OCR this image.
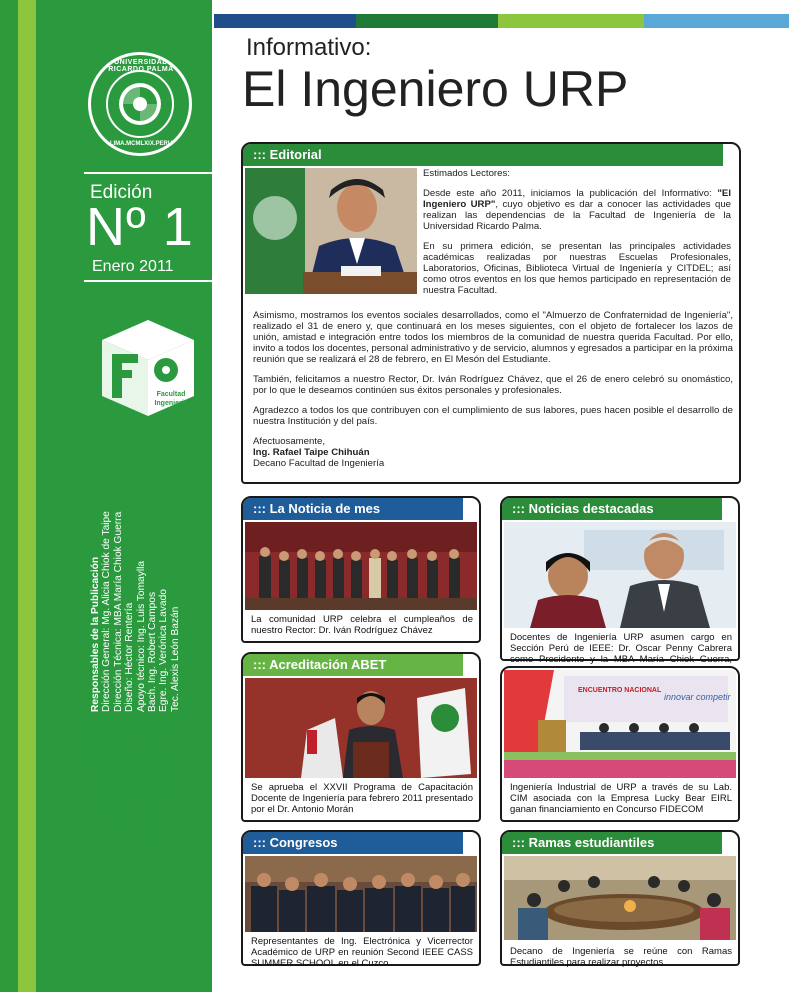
UNIVERSIDAD RICARDO PALMA
LIMA.MCMLXIX.PERU
Edición
Nº 1
Enero 2011
Facultad
Ingeniería
Responsables de la Publicación Dirección General: Mg. Alicia Chiok de Taipe Dirección Técnica: MBA María Chiok Guerra Diseño: Héctor Rentería Apoyo técnico: Ing. Luis Tomaylla Bach. Ing. Robert Campos Egre. Ing. Verónica Lavado Tec. Alexis León Bazán
INFORMES: Facultad de Ingeniería fac.ingenieriaurp.edu.pe www.urp.edu.pe/ingenieria 708-0000 Anx. 4203 Biblioteca Virtual de Ingeniería: bibv.ingenieria@urp.edu.pe 708-0000 Anx. 4337
Informativo:
El Ingeniero URP
::: Editorial

Estimados Lectores:

Desde este año 2011, iniciamos la publicación del Informativo: "El Ingeniero URP", cuyo objetivo es dar a conocer las actividades que realizan las dependencias de la Facultad de Ingeniería de la Universidad Ricardo Palma.

En su primera edición, se presentan las principales actividades académicas realizadas por nuestras Escuelas Profesionales, Laboratorios, Oficinas, Biblioteca Virtual de Ingeniería y CITDEL; así como otros eventos en los que hemos participado en representación de nuestra Facultad.

Asimismo, mostramos los eventos sociales desarrollados, como el "Almuerzo de Confraternidad de Ingeniería", realizado el 31 de enero y, que continuará en los meses siguientes, con el objeto de fortalecer los lazos de unión, amistad e integración entre todos los miembros de la comunidad de nuestra querida Facultad. Por ello, invito a todos los docentes, personal administrativo y de servicio, alumnos y egresados a participar en la próxima reunión que se realizará el 28 de febrero, en El Mesón del Estudiante.

También, felicitamos a nuestro Rector, Dr. Iván Rodríguez Chávez, que el 26 de enero celebró su onomástico, por lo que le deseamos continúen sus éxitos personales y profesionales.

Agradezco a todos los que contribuyen con el cumplimiento de sus labores, pues hacen posible el desarrollo de nuestra Institución y del país.

Afectuosamente,
Ing. Rafael Taipe Chihuán
Decano Facultad de Ingeniería
::: La Noticia de mes
La comunidad URP celebra el cumpleaños de nuestro Rector: Dr. Iván Rodríguez Chávez
::: Noticias destacadas
Docentes de Ingeniería URP asumen cargo en Sección Perú de IEEE: Dr. Oscar Penny Cabrera como Presidente y la MBA María Chiok Guerra,
::: Acreditación ABET
Se aprueba el XXVII Programa de Capacitación Docente de Ingeniería para febrero 2011 presentado por el Dr. Antonio Morán
ENCUENTRO NACIONAL
innovar competir
Ingeniería Industrial de URP a través de su Lab. CIM asociada con la Empresa Lucky Bear EIRL ganan financiamiento en Concurso FIDECOM
::: Congresos
Representantes de Ing. Electrónica y Vicerrector Académico de URP en reunión Second IEEE CASS SUMMER SCHOOL en el Cuzco
::: Ramas estudiantiles
Decano de Ingeniería se reúne con Ramas Estudiantiles para realizar proyectos
